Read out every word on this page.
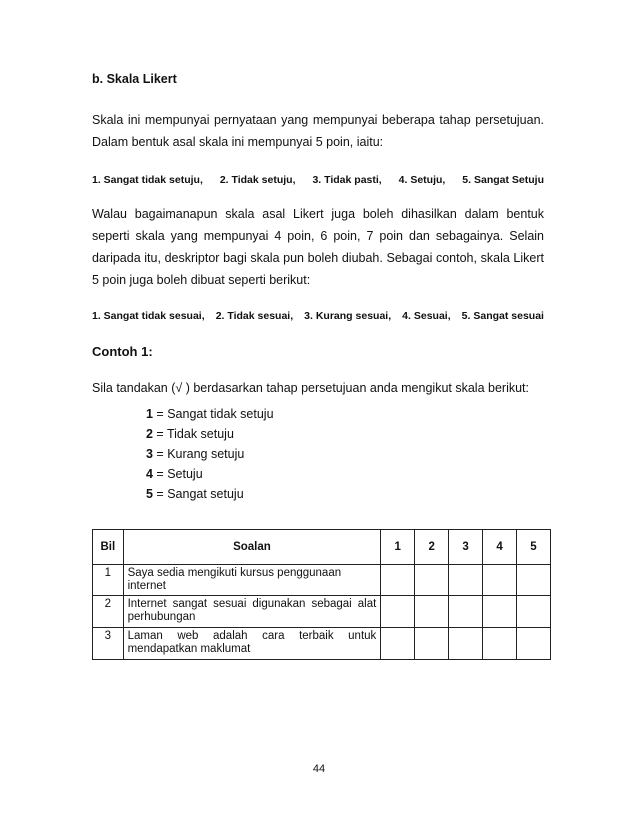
b. Skala Likert
Skala ini mempunyai pernyataan yang mempunyai beberapa tahap persetujuan. Dalam bentuk asal skala ini mempunyai 5 poin, iaitu:
1. Sangat tidak setuju, 2. Tidak setuju, 3. Tidak pasti, 4. Setuju, 5. Sangat Setuju
Walau bagaimanapun skala asal Likert juga boleh dihasilkan dalam bentuk seperti skala yang mempunyai 4 poin, 6 poin, 7 poin dan sebagainya. Selain daripada itu, deskriptor bagi skala pun boleh diubah. Sebagai contoh, skala Likert 5 poin juga boleh dibuat seperti berikut:
1. Sangat tidak sesuai, 2. Tidak sesuai, 3. Kurang sesuai, 4. Sesuai, 5. Sangat sesuai
Contoh 1:
Sila tandakan (√ ) berdasarkan tahap persetujuan anda mengikut skala berikut:
1 = Sangat tidak setuju
2 = Tidak setuju
3 = Kurang setuju
4 = Setuju
5 = Sangat setuju
Bil	Soalan	1	2	3	4	5
1	Saya sedia mengikuti kursus penggunaan internet					
2	Internet sangat sesuai digunakan sebagai alat perhubungan					
3	Laman web adalah cara terbaik untuk mendapatkan maklumat					
44
